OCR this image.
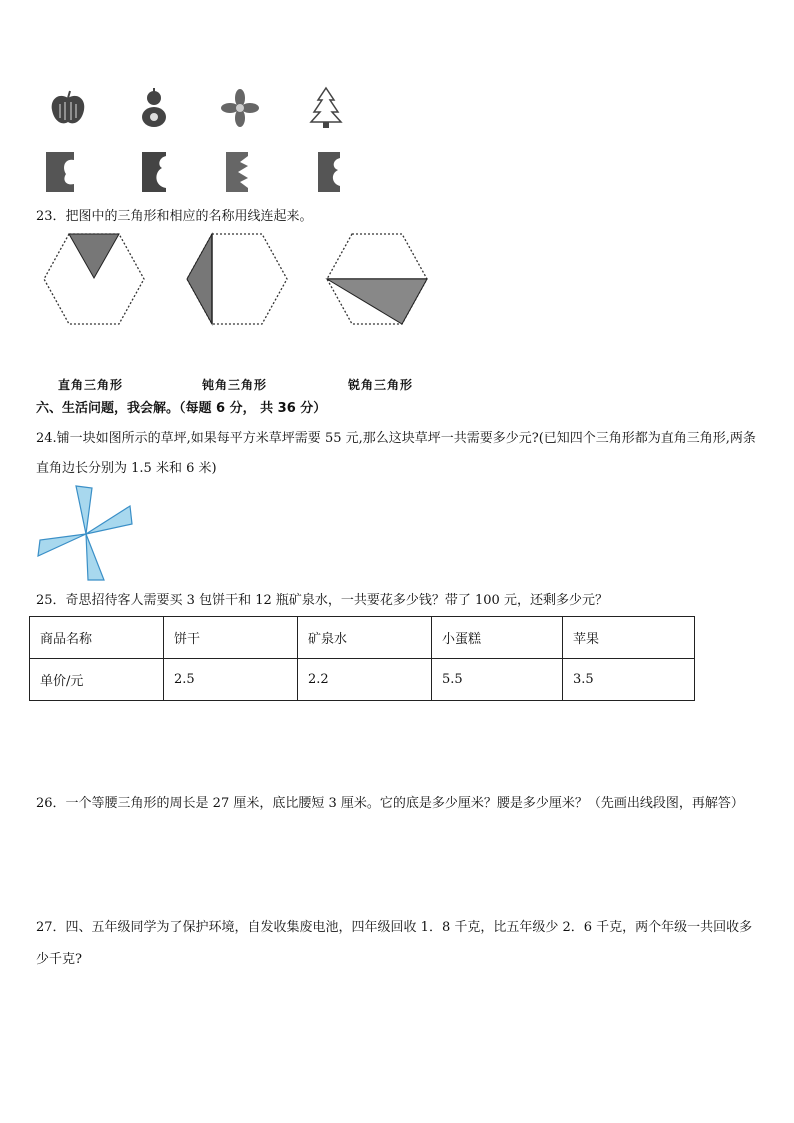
23．把图中的三角形和相应的名称用线连起来。
直角三角形	钝角三角形	锐角三角形
六、生活问题，我会解。（每题 6 分， 共 36 分）
24.铺一块如图所示的草坪,如果每平方米草坪需要 55 元,那么这块草坪一共需要多少元?(已知四个三角形都为直角三角形,两条直角边长分别为 1.5 米和 6 米)
25．奇思招待客人需要买 3 包饼干和 12 瓶矿泉水，一共要花多少钱？带了 100 元，还剩多少元？
商品名称	饼干	矿泉水	小蛋糕	苹果
单价/元	2.5	2.2	5.5	3.5
26．一个等腰三角形的周长是 27 厘米，底比腰短 3 厘米。它的底是多少厘米？腰是多少厘米？（先画出线段图，再解答）
27．四、五年级同学为了保护环境，自发收集废电池，四年级回收 1．8 千克，比五年级少 2．6 千克，两个年级一共回收多少千克?
